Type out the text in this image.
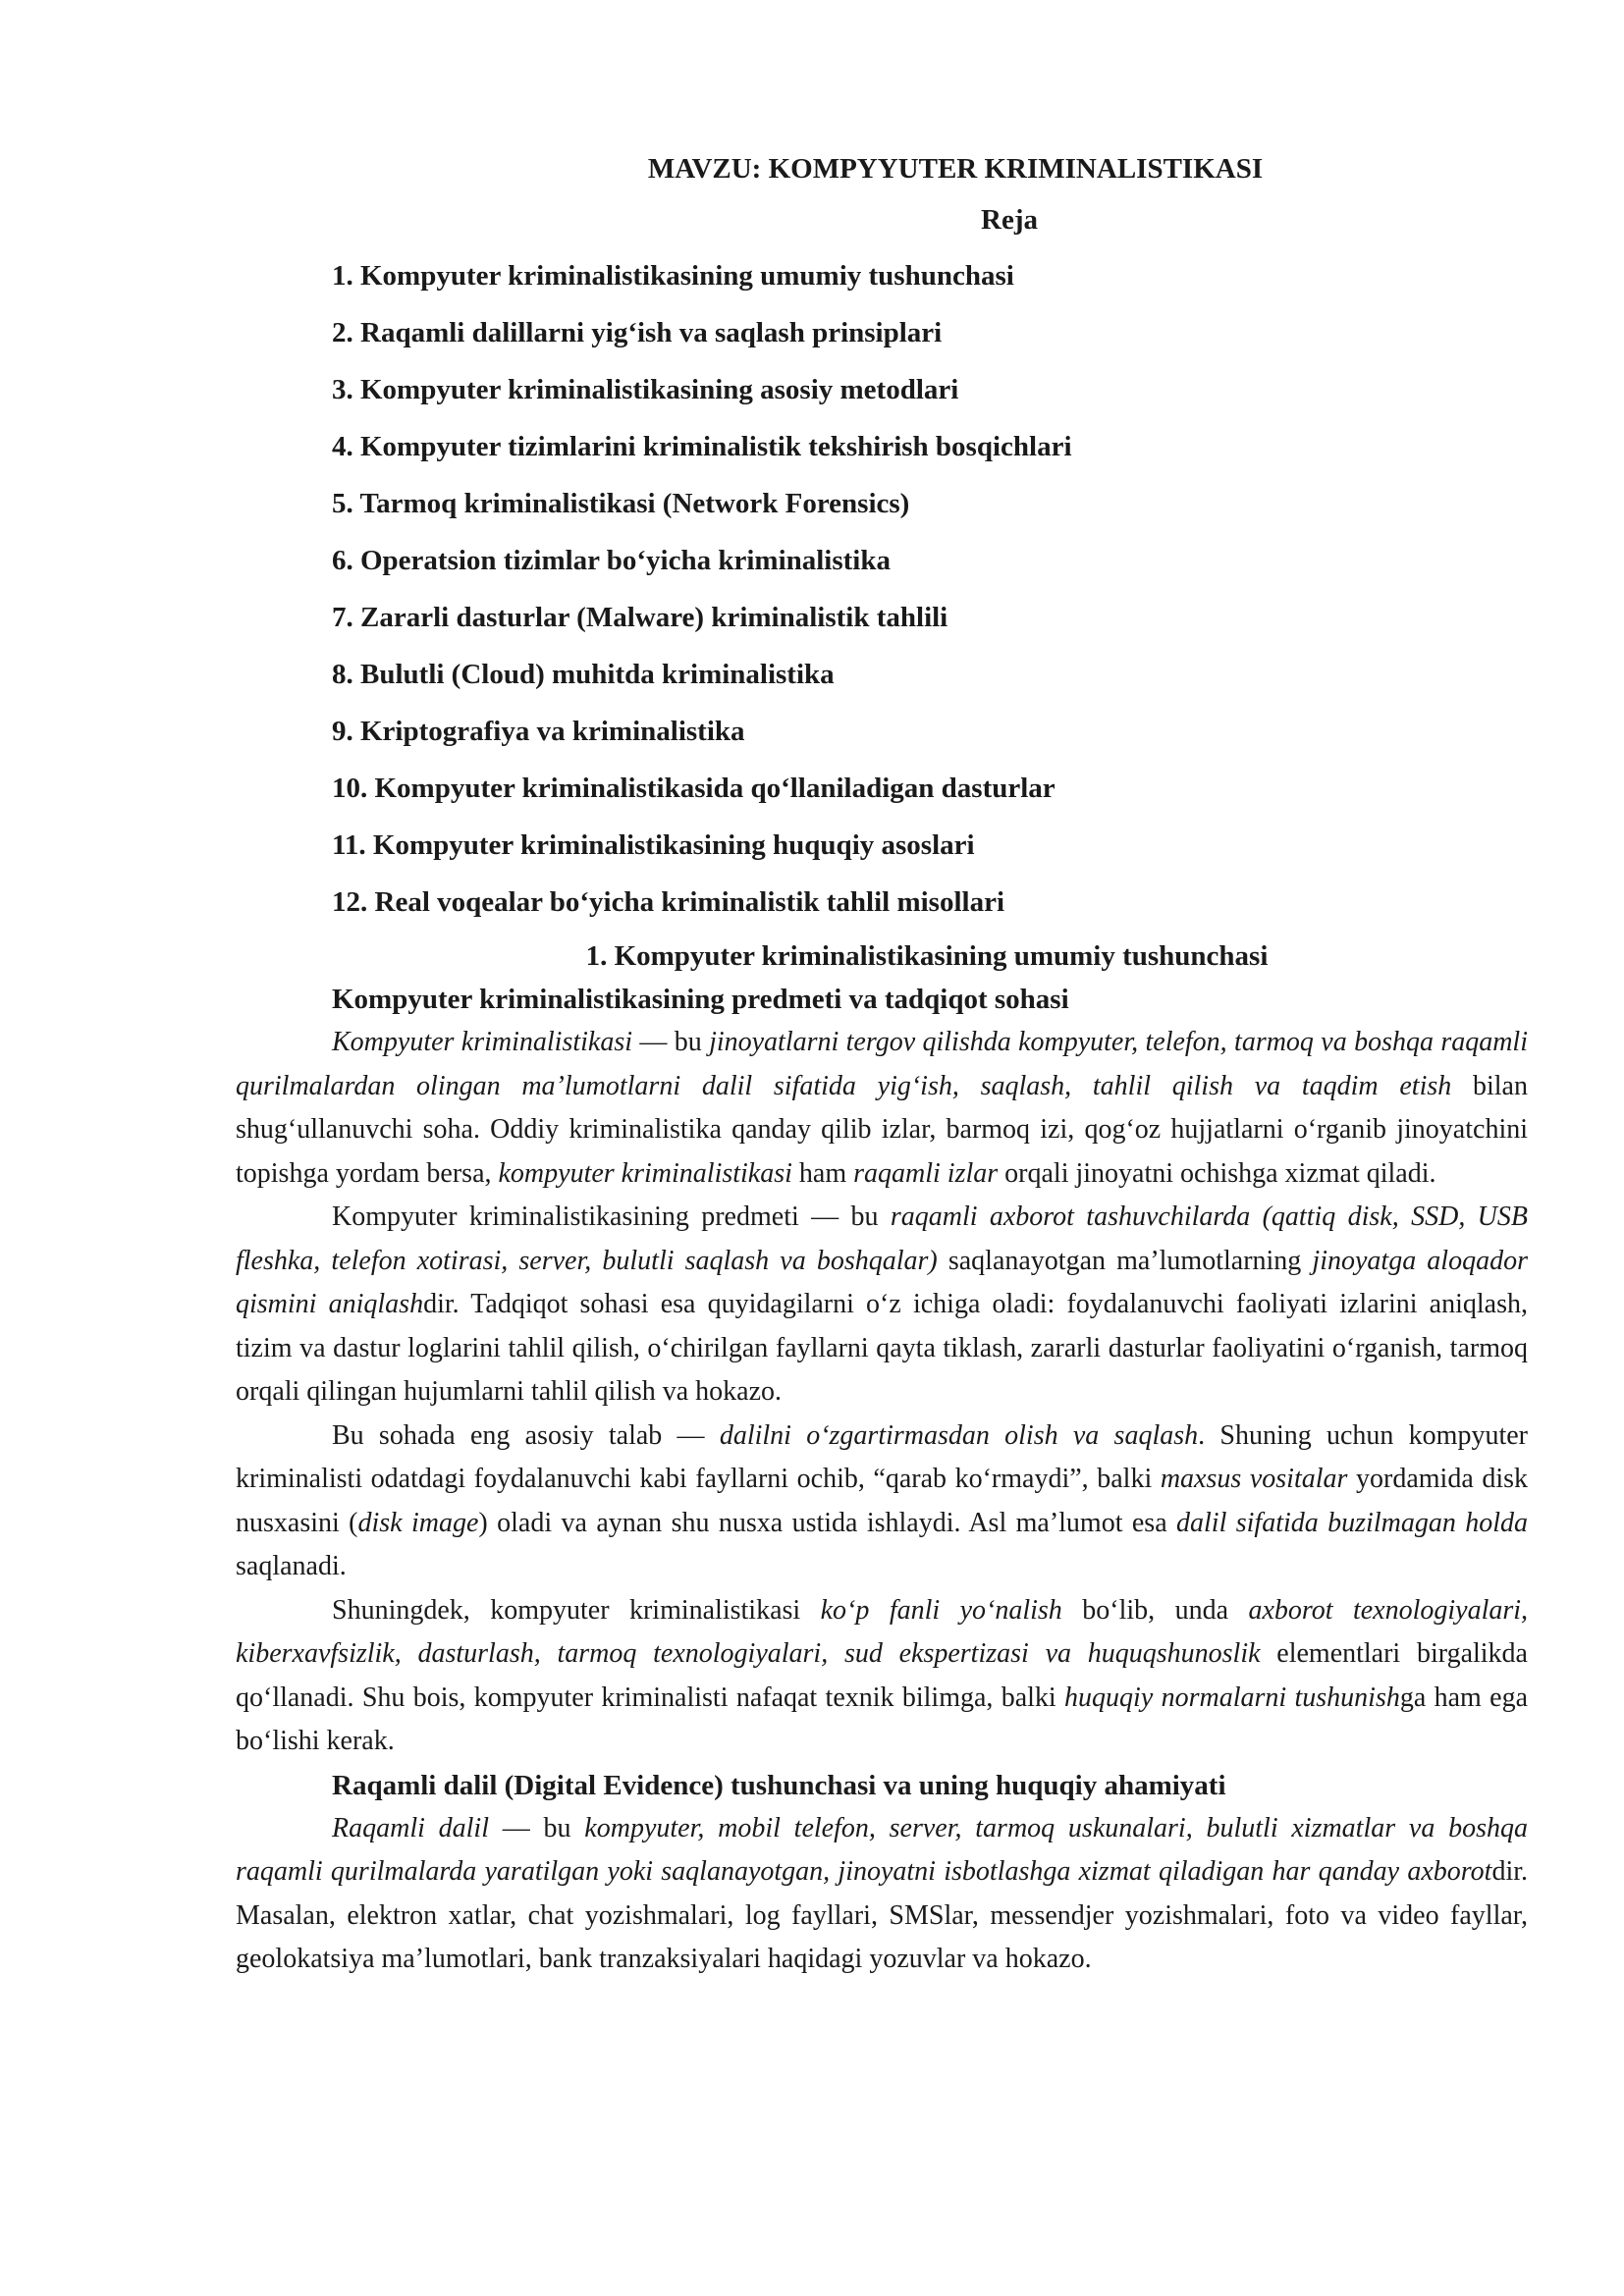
MAVZU: KOMPYYUTER KRIMINALISTIKASI
Reja
1. Kompyuter kriminalistikasining umumiy tushunchasi
2. Raqamli dalillarni yig‘ish va saqlash prinsiplari
3. Kompyuter kriminalistikasining asosiy metodlari
4. Kompyuter tizimlarini kriminalistik tekshirish bosqichlari
5. Tarmoq kriminalistikasi (Network Forensics)
6. Operatsion tizimlar bo‘yicha kriminalistika
7. Zararli dasturlar (Malware) kriminalistik tahlili
8. Bulutli (Cloud) muhitda kriminalistika
9. Kriptografiya va kriminalistika
10. Kompyuter kriminalistikasida qo‘llaniladigan dasturlar
11. Kompyuter kriminalistikasining huquqiy asoslari
12. Real voqealar bo‘yicha kriminalistik tahlil misollari
1. Kompyuter kriminalistikasining umumiy tushunchasi
Kompyuter kriminalistikasining predmeti va tadqiqot sohasi

Kompyuter kriminalistikasi — bu jinoyatlarni tergov qilishda kompyuter, telefon, tarmoq va boshqa raqamli qurilmalardan olingan ma’lumotlarni dalil sifatida yig‘ish, saqlash, tahlil qilish va taqdim etish bilan shug‘ullanuvchi soha. Oddiy kriminalistika qanday qilib izlar, barmoq izi, qog‘oz hujjatlarni o‘rganib jinoyatchini topishga yordam bersa, kompyuter kriminalistikasi ham raqamli izlar orqali jinoyatni ochishga xizmat qiladi.

Kompyuter kriminalistikasining predmeti — bu raqamli axborot tashuvchilarda (qattiq disk, SSD, USB fleshka, telefon xotirasi, server, bulutli saqlash va boshqalar) saqlanayotgan ma’lumotlarning jinoyatga aloqador qismini aniqlashdir. Tadqiqot sohasi esa quyidagilarni o‘z ichiga oladi: foydalanuvchi faoliyati izlarini aniqlash, tizim va dastur loglarini tahlil qilish, o‘chirilgan fayllarni qayta tiklash, zararli dasturlar faoliyatini o‘rganish, tarmoq orqali qilingan hujumlarni tahlil qilish va hokazo.

Bu sohada eng asosiy talab — dalilni o‘zgartirmasdan olish va saqlash. Shuning uchun kompyuter kriminalisti odatdagi foydalanuvchi kabi fayllarni ochib, “qarab ko‘rmaydi”, balki maxsus vositalar yordamida disk nusxasini (disk image) oladi va aynan shu nusxa ustida ishlaydi. Asl ma’lumot esa dalil sifatida buzilmagan holda saqlanadi.

Shuningdek, kompyuter kriminalistikasi ko‘p fanli yo‘nalish bo‘lib, unda axborot texnologiyalari, kiberxavfsizlik, dasturlash, tarmoq texnologiyalari, sud ekspertizasi va huquqshunoslik elementlari birgalikda qo‘llanadi. Shu bois, kompyuter kriminalisti nafaqat texnik bilimga, balki huquqiy normalarni tushunishga ham ega bo‘lishi kerak.

Raqamli dalil (Digital Evidence) tushunchasi va uning huquqiy ahamiyati

Raqamli dalil — bu kompyuter, mobil telefon, server, tarmoq uskunalari, bulutli xizmatlar va boshqa raqamli qurilmalarda yaratilgan yoki saqlanayotgan, jinoyatni isbotlashga xizmat qiladigan har qanday axborotdir. Masalan, elektron xatlar, chat yozishmalari, log fayllari, SMSlar, messendjer yozishmalari, foto va video fayllar, geolokatsiya ma’lumotlari, bank tranzaksiyalari haqidagi yozuvlar va hokazo.
